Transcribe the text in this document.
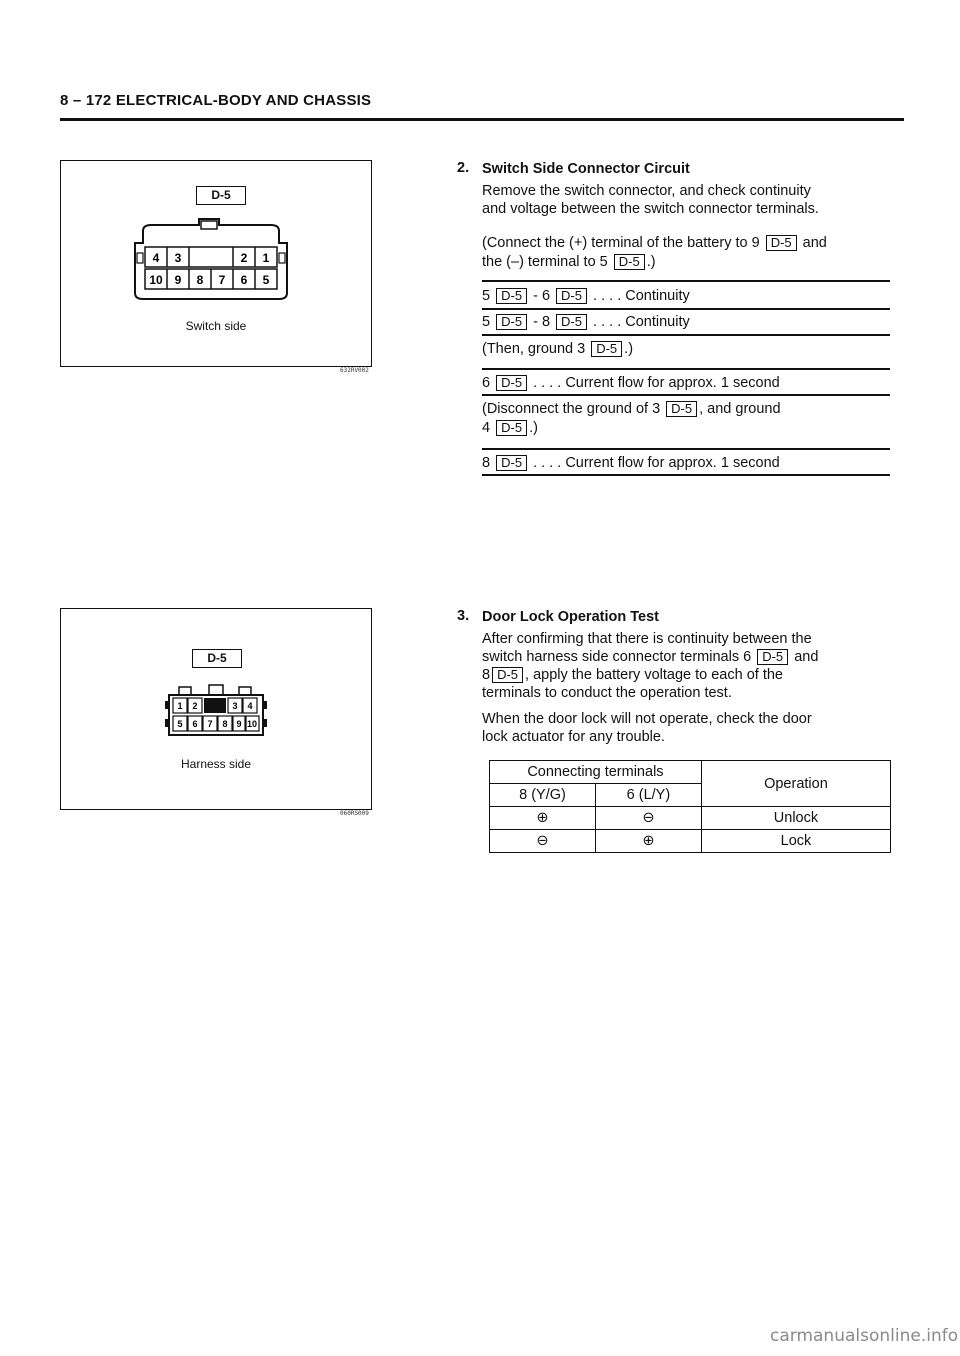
8 – 172 ELECTRICAL-BODY AND CHASSIS
D-5
4 3	2 1
10 9 8 7 6 5
Switch side
632RV002
D-5
1 2	3 4
5 6 7 8 9 10
Harness side
060RS009
2. Switch Side Connector Circuit
Remove the switch connector, and check continuity
and voltage between the switch connector terminals.
(Connect the (+) terminal of the battery to 9 D-5 and
the (–) terminal to 5 D-5 .)
5 D-5 - 6 D-5 . . . . Continuity
5 D-5 - 8 D-5 . . . . Continuity
(Then, ground 3 D-5 .)
6 D-5 . . . . Current flow for approx. 1 second
(Disconnect the ground of 3 D-5 , and ground
4 D-5 .)
8 D-5 . . . . Current flow for approx. 1 second
3. Door Lock Operation Test
After confirming that there is continuity between the
switch harness side connector terminals 6 D-5 and
8 D-5 , apply the battery voltage to each of the
terminals to conduct the operation test.
When the door lock will not operate, check the door
lock actuator for any trouble.
Connecting terminals		Operation
8 (Y/G)	6 (L/Y)	
⊕	⊖	Unlock
⊖	⊕	Lock
carmanualsonline.info
